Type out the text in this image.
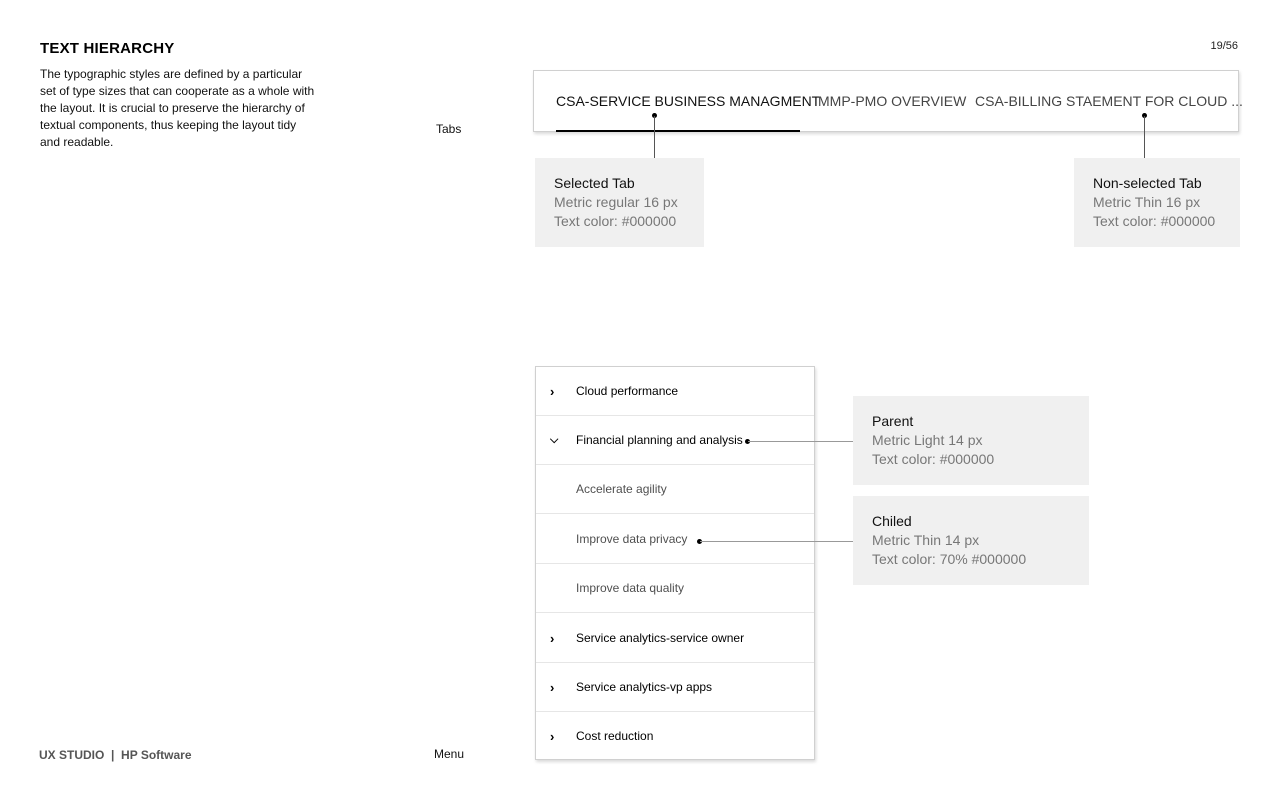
TEXT HIERARCHY
The typographic styles are defined by a particular set of type sizes that can cooperate as a whole with the layout. It is crucial to preserve the hierarchy of textual components, thus keeping the layout tidy and readable.
19/56
Tabs
Menu
UX STUDIO  |  HP Software
CSA-SERVICE BUSINESS MANAGMENT
MMP-PMO OVERVIEW CSA-BILLING STAEMENT FOR CLOUD ...
Selected Tab
Metric regular 16 px
Text color: #000000
Non-selected Tab
Metric Thin 16 px
Text color: #000000
› Cloud performance
⌵ Financial planning and analysis
Accelerate agility
Improve data privacy
Improve data quality
› Service analytics-service owner
› Service analytics-vp apps
› Cost reduction
Parent
Metric Light 14 px
Text color: #000000
Chiled
Metric Thin 14 px
Text color: 70% #000000
